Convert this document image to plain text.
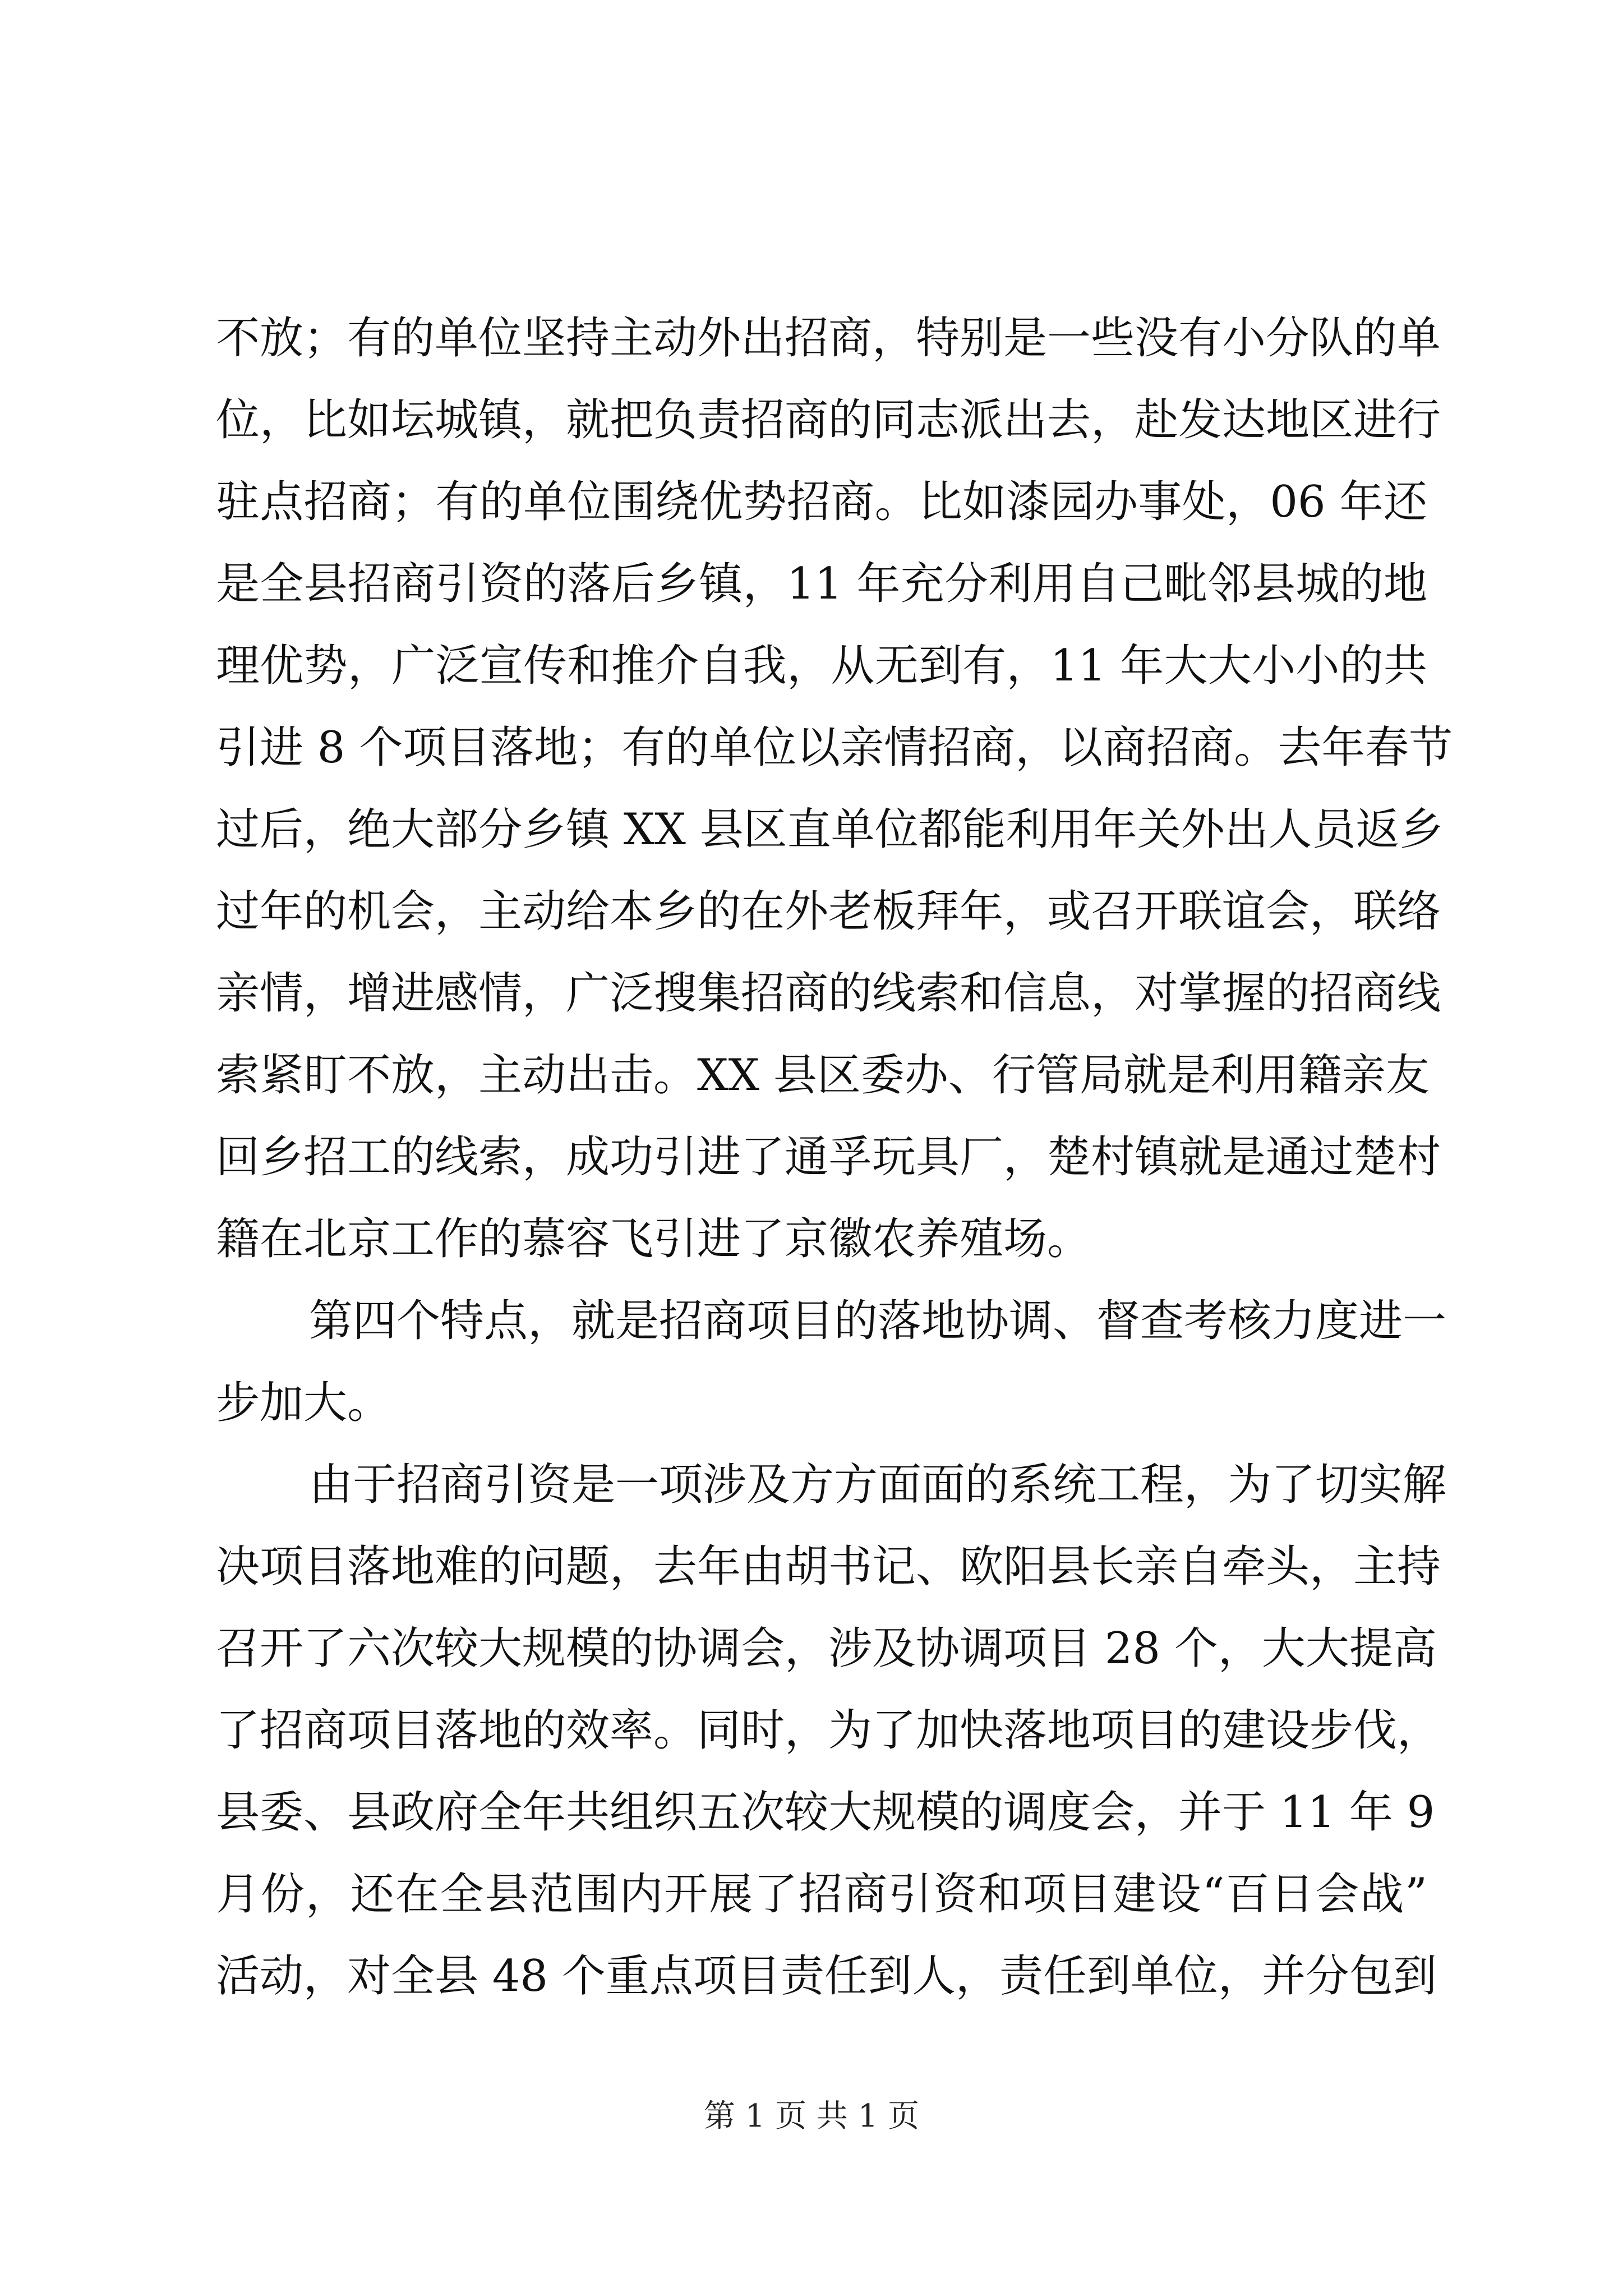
不放；有的单位坚持主动外出招商，特别是一些没有小分队的单
位，比如坛城镇，就把负责招商的同志派出去，赴发达地区进行
驻点招商；有的单位围绕优势招商。比如漆园办事处，06 年还
是全县招商引资的落后乡镇，11 年充分利用自己毗邻县城的地
理优势，广泛宣传和推介自我，从无到有，11 年大大小小的共
引进 8 个项目落地；有的单位以亲情招商，以商招商。去年春节
过后，绝大部分乡镇 XX 县区直单位都能利用年关外出人员返乡
过年的机会，主动给本乡的在外老板拜年，或召开联谊会，联络
亲情，增进感情，广泛搜集招商的线索和信息，对掌握的招商线
索紧盯不放，主动出击。XX 县区委办、行管局就是利用籍亲友
回乡招工的线索，成功引进了通孚玩具厂，楚村镇就是通过楚村
籍在北京工作的慕容飞引进了京徽农养殖场。
第四个特点，就是招商项目的落地协调、督查考核力度进一
步加大。
由于招商引资是一项涉及方方面面的系统工程，为了切实解
决项目落地难的问题，去年由胡书记、欧阳县长亲自牵头，主持
召开了六次较大规模的协调会，涉及协调项目 28 个，大大提高
了招商项目落地的效率。同时，为了加快落地项目的建设步伐，
县委、县政府全年共组织五次较大规模的调度会，并于 11 年 9
月份，还在全县范围内开展了招商引资和项目建设“百日会战”
活动，对全县 48 个重点项目责任到人，责任到单位，并分包到
第 1 页 共 1 页
